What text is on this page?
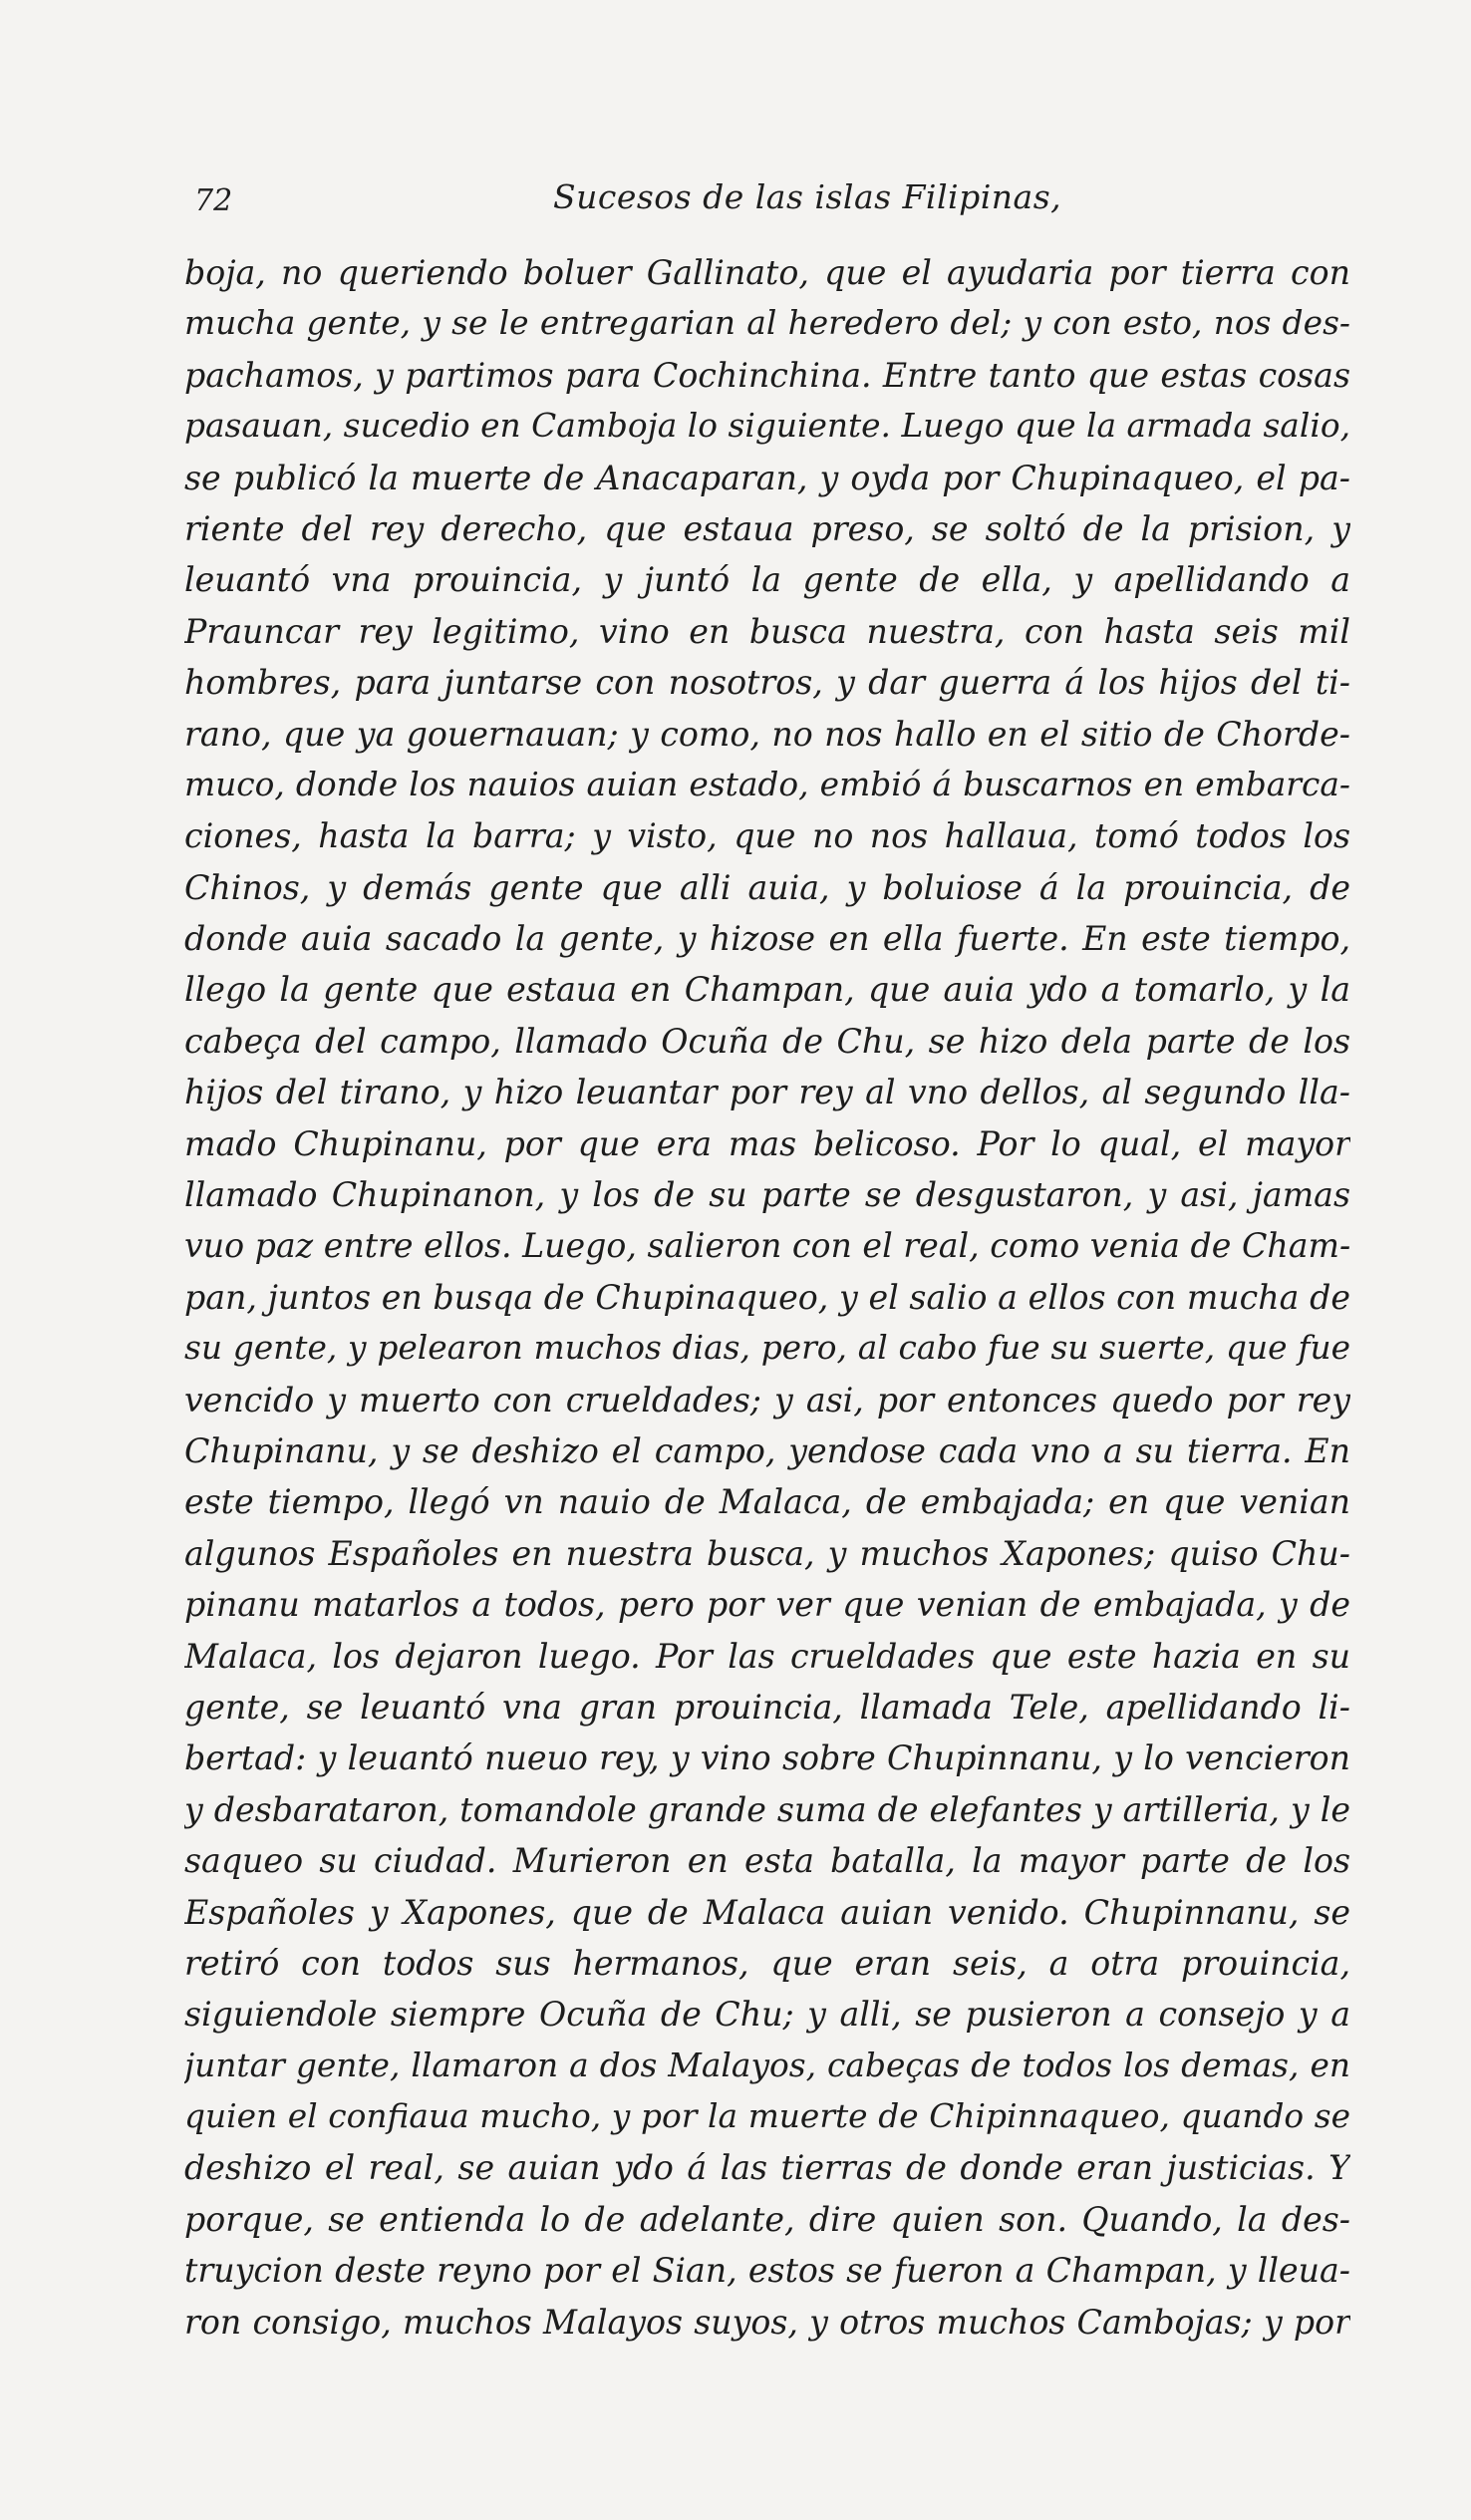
72	Sucesos de las islas Filipinas,
boja, no queriendo boluer Gallinato, que el ayudaria por tierra con
mucha gente, y se le entregarian al heredero del; y con esto, nos des-
pachamos, y partimos para Cochinchina. Entre tanto que estas cosas
pasauan, sucedio en Camboja lo siguiente. Luego que la armada salio,
se publicó la muerte de Anacaparan, y oyda por Chupinaqueo, el pa-
riente del rey derecho, que estaua preso, se soltó de la prision, y
leuantó vna prouincia, y juntó la gente de ella, y apellidando a
Prauncar rey legitimo, vino en busca nuestra, con hasta seis mil
hombres, para juntarse con nosotros, y dar guerra á los hijos del ti-
rano, que ya gouernauan; y como, no nos hallo en el sitio de Chorde-
muco, donde los nauios auian estado, embió á buscarnos en embarca-
ciones, hasta la barra; y visto, que no nos hallaua, tomó todos los
Chinos, y demás gente que alli auia, y boluiose á la prouincia, de
donde auia sacado la gente, y hizose en ella fuerte. En este tiempo,
llego la gente que estaua en Champan, que auia ydo a tomarlo, y la
cabeça del campo, llamado Ocuña de Chu, se hizo dela parte de los
hijos del tirano, y hizo leuantar por rey al vno dellos, al segundo lla-
mado Chupinanu, por que era mas belicoso. Por lo qual, el mayor
llamado Chupinanon, y los de su parte se desgustaron, y asi, jamas
vuo paz entre ellos. Luego, salieron con el real, como venia de Cham-
pan, juntos en busqa de Chupinaqueo, y el salio a ellos con mucha de
su gente, y pelearon muchos dias, pero, al cabo fue su suerte, que fue
vencido y muerto con crueldades; y asi, por entonces quedo por rey
Chupinanu, y se deshizo el campo, yendose cada vno a su tierra. En
este tiempo, llegó vn nauio de Malaca, de embajada; en que venian
algunos Españoles en nuestra busca, y muchos Xapones; quiso Chu-
pinanu matarlos a todos, pero por ver que venian de embajada, y de
Malaca, los dejaron luego. Por las crueldades que este hazia en su
gente, se leuantó vna gran prouincia, llamada Tele, apellidando li-
bertad: y leuantó nueuo rey, y vino sobre Chupinnanu, y lo vencieron
y desbarataron, tomandole grande suma de elefantes y artilleria, y le
saqueo su ciudad. Murieron en esta batalla, la mayor parte de los
Españoles y Xapones, que de Malaca auian venido. Chupinnanu, se
retiró con todos sus hermanos, que eran seis, a otra prouincia,
siguiendole siempre Ocuña de Chu; y alli, se pusieron a consejo y a
juntar gente, llamaron a dos Malayos, cabeças de todos los demas, en
quien el confiaua mucho, y por la muerte de Chipinnaqueo, quando se
deshizo el real, se auian ydo á las tierras de donde eran justicias. Y
porque, se entienda lo de adelante, dire quien son. Quando, la des-
truycion deste reyno por el Sian, estos se fueron a Champan, y lleua-
ron consigo, muchos Malayos suyos, y otros muchos Cambojas; y por
